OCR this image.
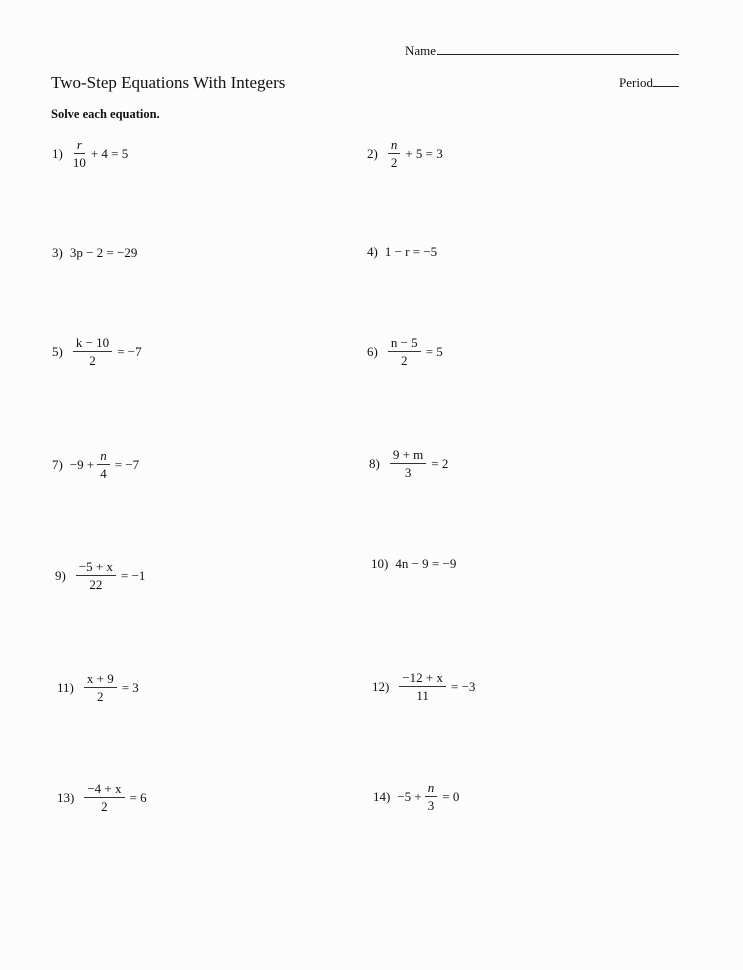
Name
Two-Step Equations With Integers	Period
Solve each equation.
$1) \frac{r}{10} + 4 = 5$	$2) \frac{n}{2} + 5 = 3$
3) 3p − 2 = −29	4) 1 − r = −5
$5) \frac{k - 10}{2} = -7$	$6) \frac{n - 5}{2} = 5$
$7) -9 + \frac{n}{4} = -7$	$8) \frac{9 + m}{3} = 2$
$9) \frac{-5 + x}{22} = -1$
10) 4n − 9 = −9
$11) \frac{x + 9}{2} = 3$	$12) \frac{-12 + x}{11} = -3$
$13) \frac{-4 + x}{2} = 6$	$14) -5 + \frac{n}{3} = 0$
